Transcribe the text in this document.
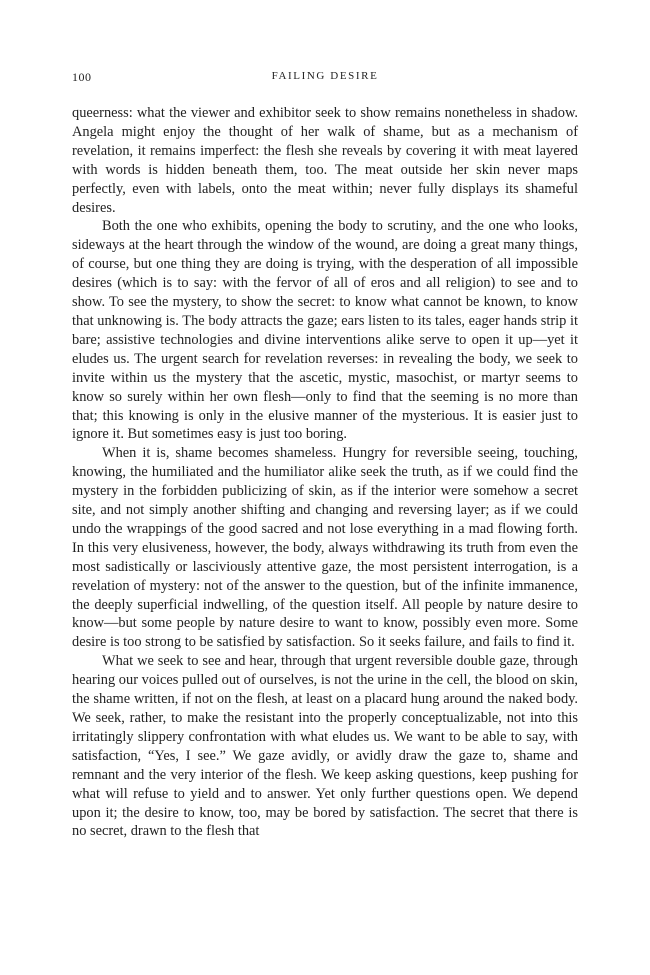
100	FAILING DESIRE

queerness: what the viewer and exhibitor seek to show remains nonetheless in shadow. Angela might enjoy the thought of her walk of shame, but as a mechanism of revelation, it remains imperfect: the flesh she reveals by covering it with meat layered with words is hidden beneath them, too. The meat outside her skin never maps perfectly, even with labels, onto the meat within; never fully displays its shameful desires.

Both the one who exhibits, opening the body to scrutiny, and the one who looks, sideways at the heart through the window of the wound, are doing a great many things, of course, but one thing they are doing is trying, with the desperation of all impossible desires (which is to say: with the fervor of all of eros and all religion) to see and to show. To see the mystery, to show the secret: to know what cannot be known, to know that unknowing is. The body attracts the gaze; ears listen to its tales, eager hands strip it bare; assistive technologies and divine interventions alike serve to open it up—yet it eludes us. The urgent search for revelation reverses: in revealing the body, we seek to invite within us the mystery that the ascetic, mystic, masochist, or martyr seems to know so surely within her own flesh—only to find that the seeming is no more than that; this knowing is only in the elusive manner of the mysterious. It is easier just to ignore it. But sometimes easy is just too boring.

When it is, shame becomes shameless. Hungry for reversible seeing, touching, knowing, the humiliated and the humiliator alike seek the truth, as if we could find the mystery in the forbidden publicizing of skin, as if the interior were somehow a secret site, and not simply another shifting and changing and reversing layer; as if we could undo the wrappings of the good sacred and not lose everything in a mad flowing forth. In this very elusiveness, however, the body, always withdrawing its truth from even the most sadistically or lasciviously attentive gaze, the most persistent interrogation, is a revelation of mystery: not of the answer to the question, but of the infinite immanence, the deeply superficial indwelling, of the question itself. All people by nature desire to know—but some people by nature desire to want to know, possibly even more. Some desire is too strong to be satisfied by satisfaction. So it seeks failure, and fails to find it.

What we seek to see and hear, through that urgent reversible double gaze, through hearing our voices pulled out of ourselves, is not the urine in the cell, the blood on skin, the shame written, if not on the flesh, at least on a placard hung around the naked body. We seek, rather, to make the resistant into the properly conceptualizable, not into this irritatingly slippery confrontation with what eludes us. We want to be able to say, with satisfaction, “Yes, I see.” We gaze avidly, or avidly draw the gaze to, shame and remnant and the very interior of the flesh. We keep asking questions, keep pushing for what will refuse to yield and to answer. Yet only further questions open. We depend upon it; the desire to know, too, may be bored by satisfaction. The secret that there is no secret, drawn to the flesh that
